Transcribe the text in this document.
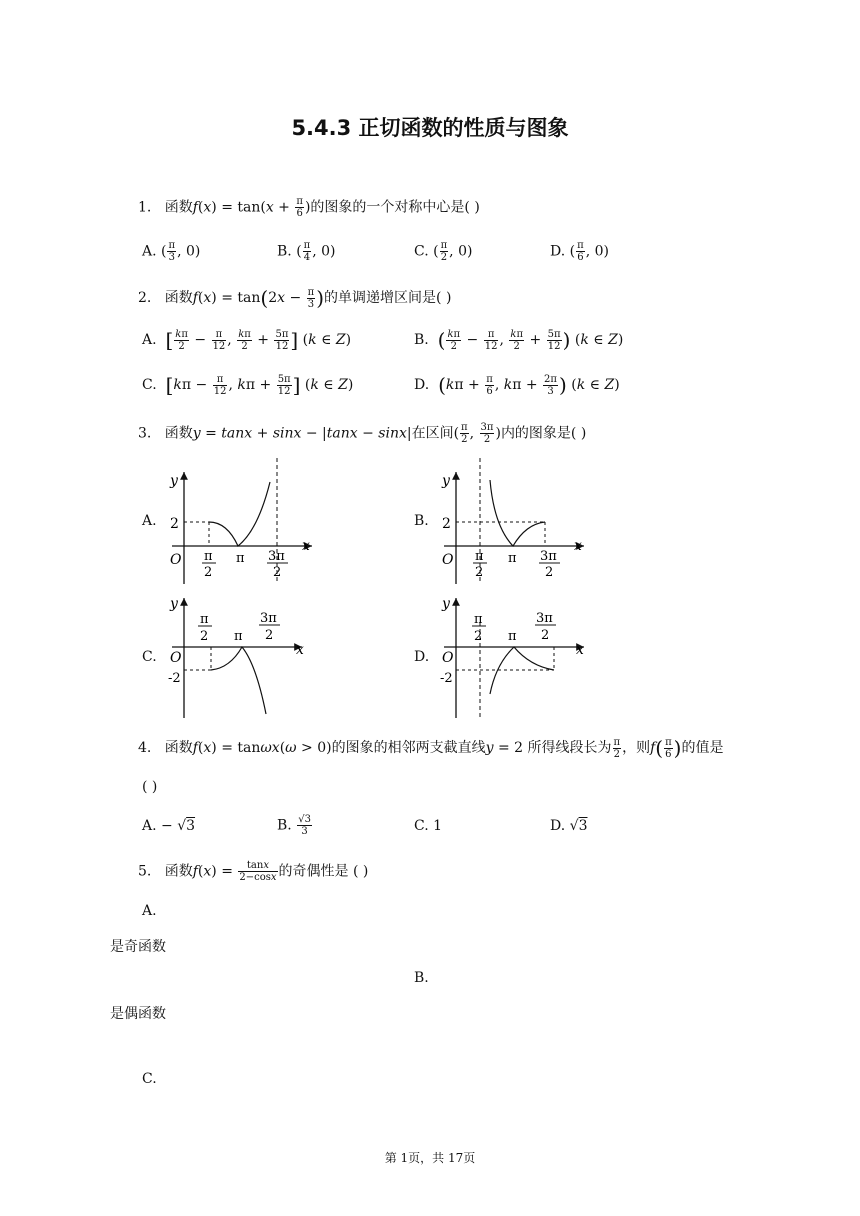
5.4.3 正切函数的性质与图象
1. 函数$f(x) = \tan(x + \frac{\pi}{6}$ )的图象的一个对称中心是( )
A. ( $\frac{\pi}{3}$ , 0)	B. ( $\frac{\pi}{4}$ , 0)	C. ( $\frac{\pi}{2}$ , 0)	D. ( $\frac{\pi}{6}$ , 0)
2. 函数$f(x) = \tan(2x - \frac{\pi}{3}$ )的单调递增区间是( )
A. [ $\frac{k\pi}{2} - \frac{\pi}{12}$ , $\frac{k\pi}{2} + \frac{5\pi}{12}$ ] (k ∈ Z)	B. ( $\frac{k\pi}{2} - \frac{\pi}{12}$ , $\frac{k\pi}{2} + \frac{5\pi}{12}$ ) (k ∈ Z)
C. [$k\pi - \frac{\pi}{12}$ , $k\pi + \frac{5\pi}{12}$ ] (k ∈ Z)	D. ($k\pi + \frac{\pi}{6}$ , $k\pi + \frac{2\pi}{3}$ ) (k ∈ Z)
3. 函数y = tanx + sinx − |tanx − sinx|在区间( $\frac{\pi}{2}$ , $\frac{3\pi}{2}$ )内的图象是( )
A.	B.
C.	D.
y
x
O
2
π
2
π 3π
2
y
x
O
2
π
2
π 3π
2
y
x
O
-2
π
2 π
3π
2
y
x
O
-2
π
2 π
3π
2
4. 函数f(x) = tanωx(ω > 0)的图象的相邻两支截直线y = 2 所得线段长为 $\frac{\pi}{2}$ ，则$f( \frac{\pi}{6}$ )的值是
( )
A. − √3	B. $\frac{√3}{3}$	C. 1	D. √3
5. 函数$f(x) = \frac{\tan x}{2-\cos x}$ 的奇偶性是 ( )
A.
是奇函数
B.
是偶函数
C.
第 1页，共 17页
